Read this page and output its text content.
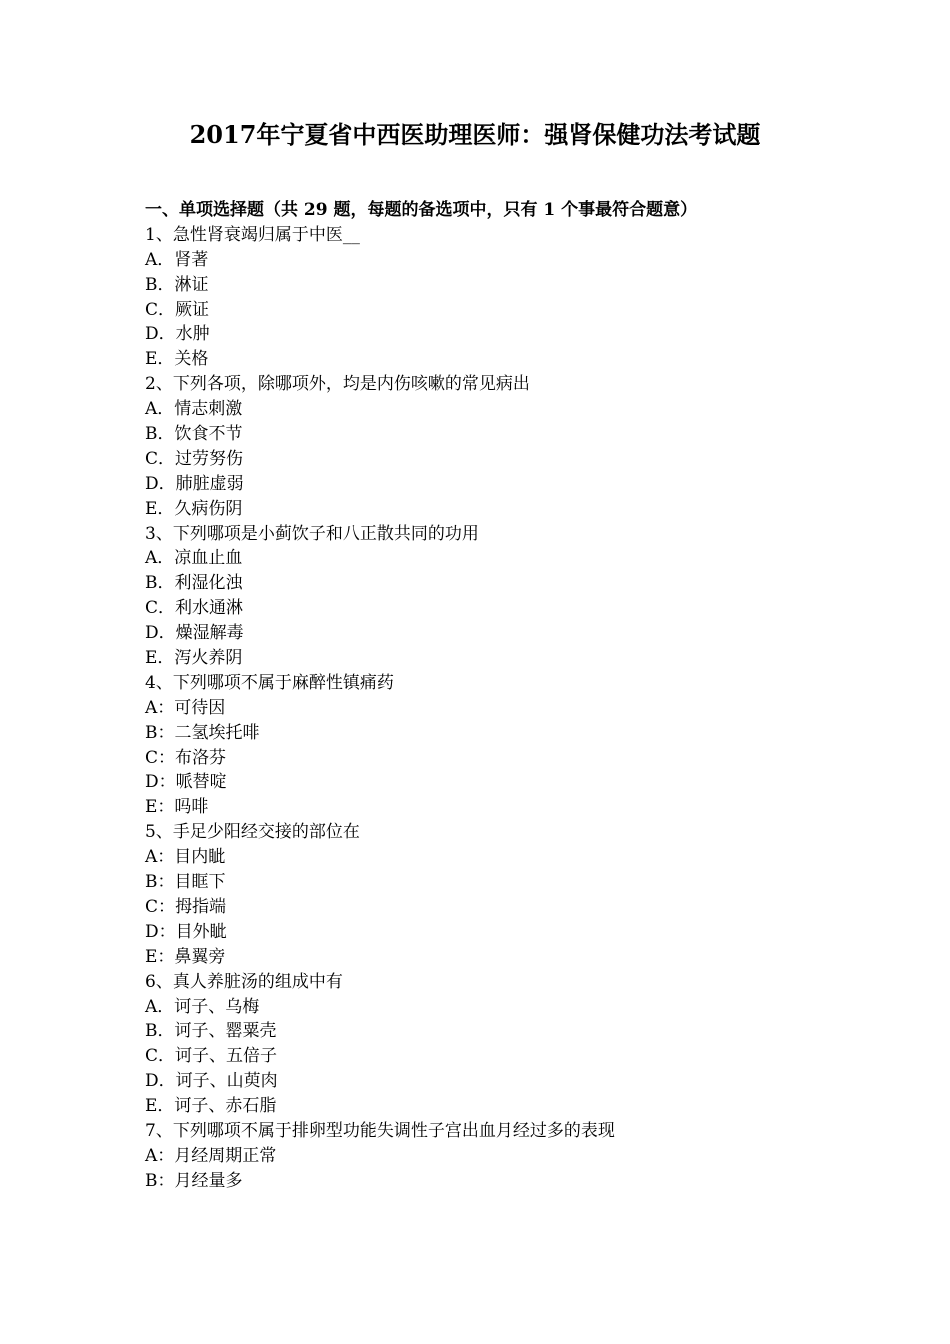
2017年宁夏省中西医助理医师：强肾保健功法考试题
一、单项选择题（共 29 题，每题的备选项中，只有 1 个事最符合题意）
1、急性肾衰竭归属于中医__
A．肾著
B．淋证
C．厥证
D．水肿
E．关格
2、下列各项，除哪项外，均是内伤咳嗽的常见病出
A．情志刺激
B．饮食不节
C．过劳努伤
D．肺脏虚弱
E．久病伤阴
3、下列哪项是小蓟饮子和八正散共同的功用
A．凉血止血
B．利湿化浊
C．利水通淋
D．燥湿解毒
E．泻火养阴
4、下列哪项不属于麻醉性镇痛药
A：可待因
B：二氢埃托啡
C：布洛芬
D：哌替啶
E：吗啡
5、手足少阳经交接的部位在
A：目内眦
B：目眶下
C：拇指端
D：目外眦
E：鼻翼旁
6、真人养脏汤的组成中有
A．诃子、乌梅
B．诃子、罂粟壳
C．诃子、五倍子
D．诃子、山萸肉
E．诃子、赤石脂
7、下列哪项不属于排卵型功能失调性子宫出血月经过多的表现
A：月经周期正常
B：月经量多
